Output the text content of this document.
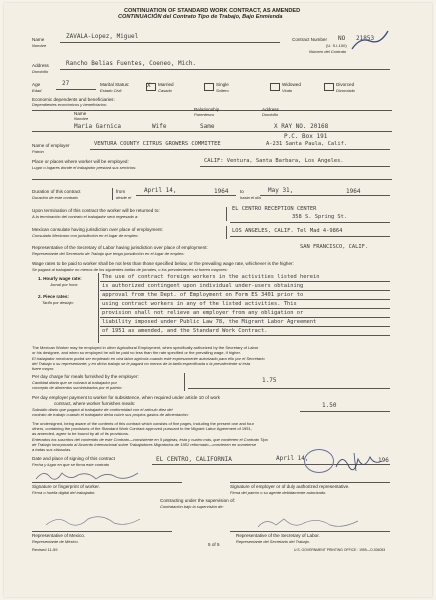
CONTINUATION OF STANDARD WORK CONTRACT, AS AMENDED
CONTINUACIÓN del Contrato Tipo de Trabajo, Bajo Enmienda
Name
Nombre
ZAVALA-Lopez, Miguel	Contract Number NO 21853
(U. S.I-100)
Número del Contrato
Address
Domicilio
Rancho Belias Fuentes, Coeneo, Mich.
Age
Edad
27	Marital Status:
Estado Civil:
X Married
Casado
Single
Soltero
Widowed
Viudo
Divorced
Divorciado
Economic dependents and beneficiaries:
Dependientes económicos y beneficiarios:
Name
Nombre
Relationship
Parentesco
Address
Domicilio
Maria Garnica	Wife	Same	X RAY NO. 20168
P.C. Box 191
Name of employer
Patrón
VENTURA COUNTY CITRUS GROWERS COMMITTEE	A-231 Santa Paula, Calif.
Place or places where worker will be employed:
Lugar o lugares donde el trabajador prestará sus servicios:
CALIF: Ventura, Santa Barbara, Los Angeles.
Duration of this contract
Duración de este contrato
from
desde el
April 14,	1964	to
hasta el día
May 31,	1964
Upon termination of this contract the worker will be returned to:
A la terminación del contrato el trabajador será regresado a:
EL CENTRO RECEPTION CENTER
358 S. Spring St.
Mexican consulate having jurisdiction over place of employment:
Consulado Mexicano con jurisdicción en el lugar de empleo:
LOS ANGELES, CALIF. Tel Mad 4-9864
Representative of the Secretary of Labor having jurisdiction over place of employment:
Representante del Secretario de Trabajo que tenga jurisdicción en el lugar de empleo:
SAN FRANCISCO, CALIF.
Wage rates to be paid to worker shall be not less than those specified below, or the prevailing wage rate, whichever is the higher:
Se pagará al trabajador no menos de los siguientes tarifas de jornales, o los prevalecientes si fueren mayores:
1. Hourly wage rate:
Jornal por hora:
2. Piece rates:
Tarifa por destajo:
The use of contract foreign workers in the activities listed herein
is authorized contingent upon individual under-users obtaining
approval from the Dept. of Employment on Form ES 3401 prior to
using contract workers in any of the listed activities. This
provision shall not relieve an employer from any obligation or
liability imposed under Public Law 78, the Migrant Labor Agreement
of 1951 as amended, and the Standard Work Contract.
The Mexican Worker may be employed in other Agricultural Employment, when specifically authorized by the Secretary of Labor
or his designee, and when so employed he will be paid no less than the rate specified or the prevailing wage, if higher.
El trabajador mexicano podrá ser empleado en otra labor agrícola cuando esté expresamente autorizado para ello por el Secretario
del Trabajo o su representante; y en dicha trabajo se le pagará no menos de la tarifa especificada o la prevaleciente si ésta
fuere mayor.
Per day charge for meals furnished by the employer:
Cantidad diaria que se cobrará al trabajador por
concepto de alimentos suministrados por el patrón:
1.75
Per day employer payment to worker for subsistence, when required under article 10 of work
contract, where worker furnishes meals:
Subsidio diario que pagará al trabajador de conformidad con el artículo diez del
contrato de trabajo cuando el trabajador deba cubrir sus propios gastos de alimentación:
1.50
The undersigned, being aware of the contents of this contract which consists of five pages, including the present one and four
others, containing the provisions of the Standard Work Contract approved pursuant to the Migrant Labor Agreement of 1951,
as amended, agree to be bound by all of its provisions.
Enterados los suscritos del contenido de este Contrato—consistente en 5 páginas, ésta y cuatro más, que contienen el Contrato Tipo
de Trabajo incorporado al Acuerdo Internacional sobre Trabajadores Migratorios de 1951 reformado—convienen en someterse
a todas sus cláusulas.
Date and place of signing of this contract
Fecha y lugar en que se firma este contrato
EL CENTRO, CALIFORNIA	April 14,	196
Signature or fingerprint of worker.
Firma o huella digital del trabajador.
Signature of employer or of duly authorized representative.
Firma del patrón o su agente debidamente autorizado.
Contracting under the supervision of:
Contratación bajo la supervisión de:
Representative of Mexico.
Representante de México.
Representative of the Secretary of Labor.
Representante del Secretario del Trabajo.
Revised 11-59
5 of 5
U.S. GOVERNMENT PRINTING OFFICE : 1959—O-534053
